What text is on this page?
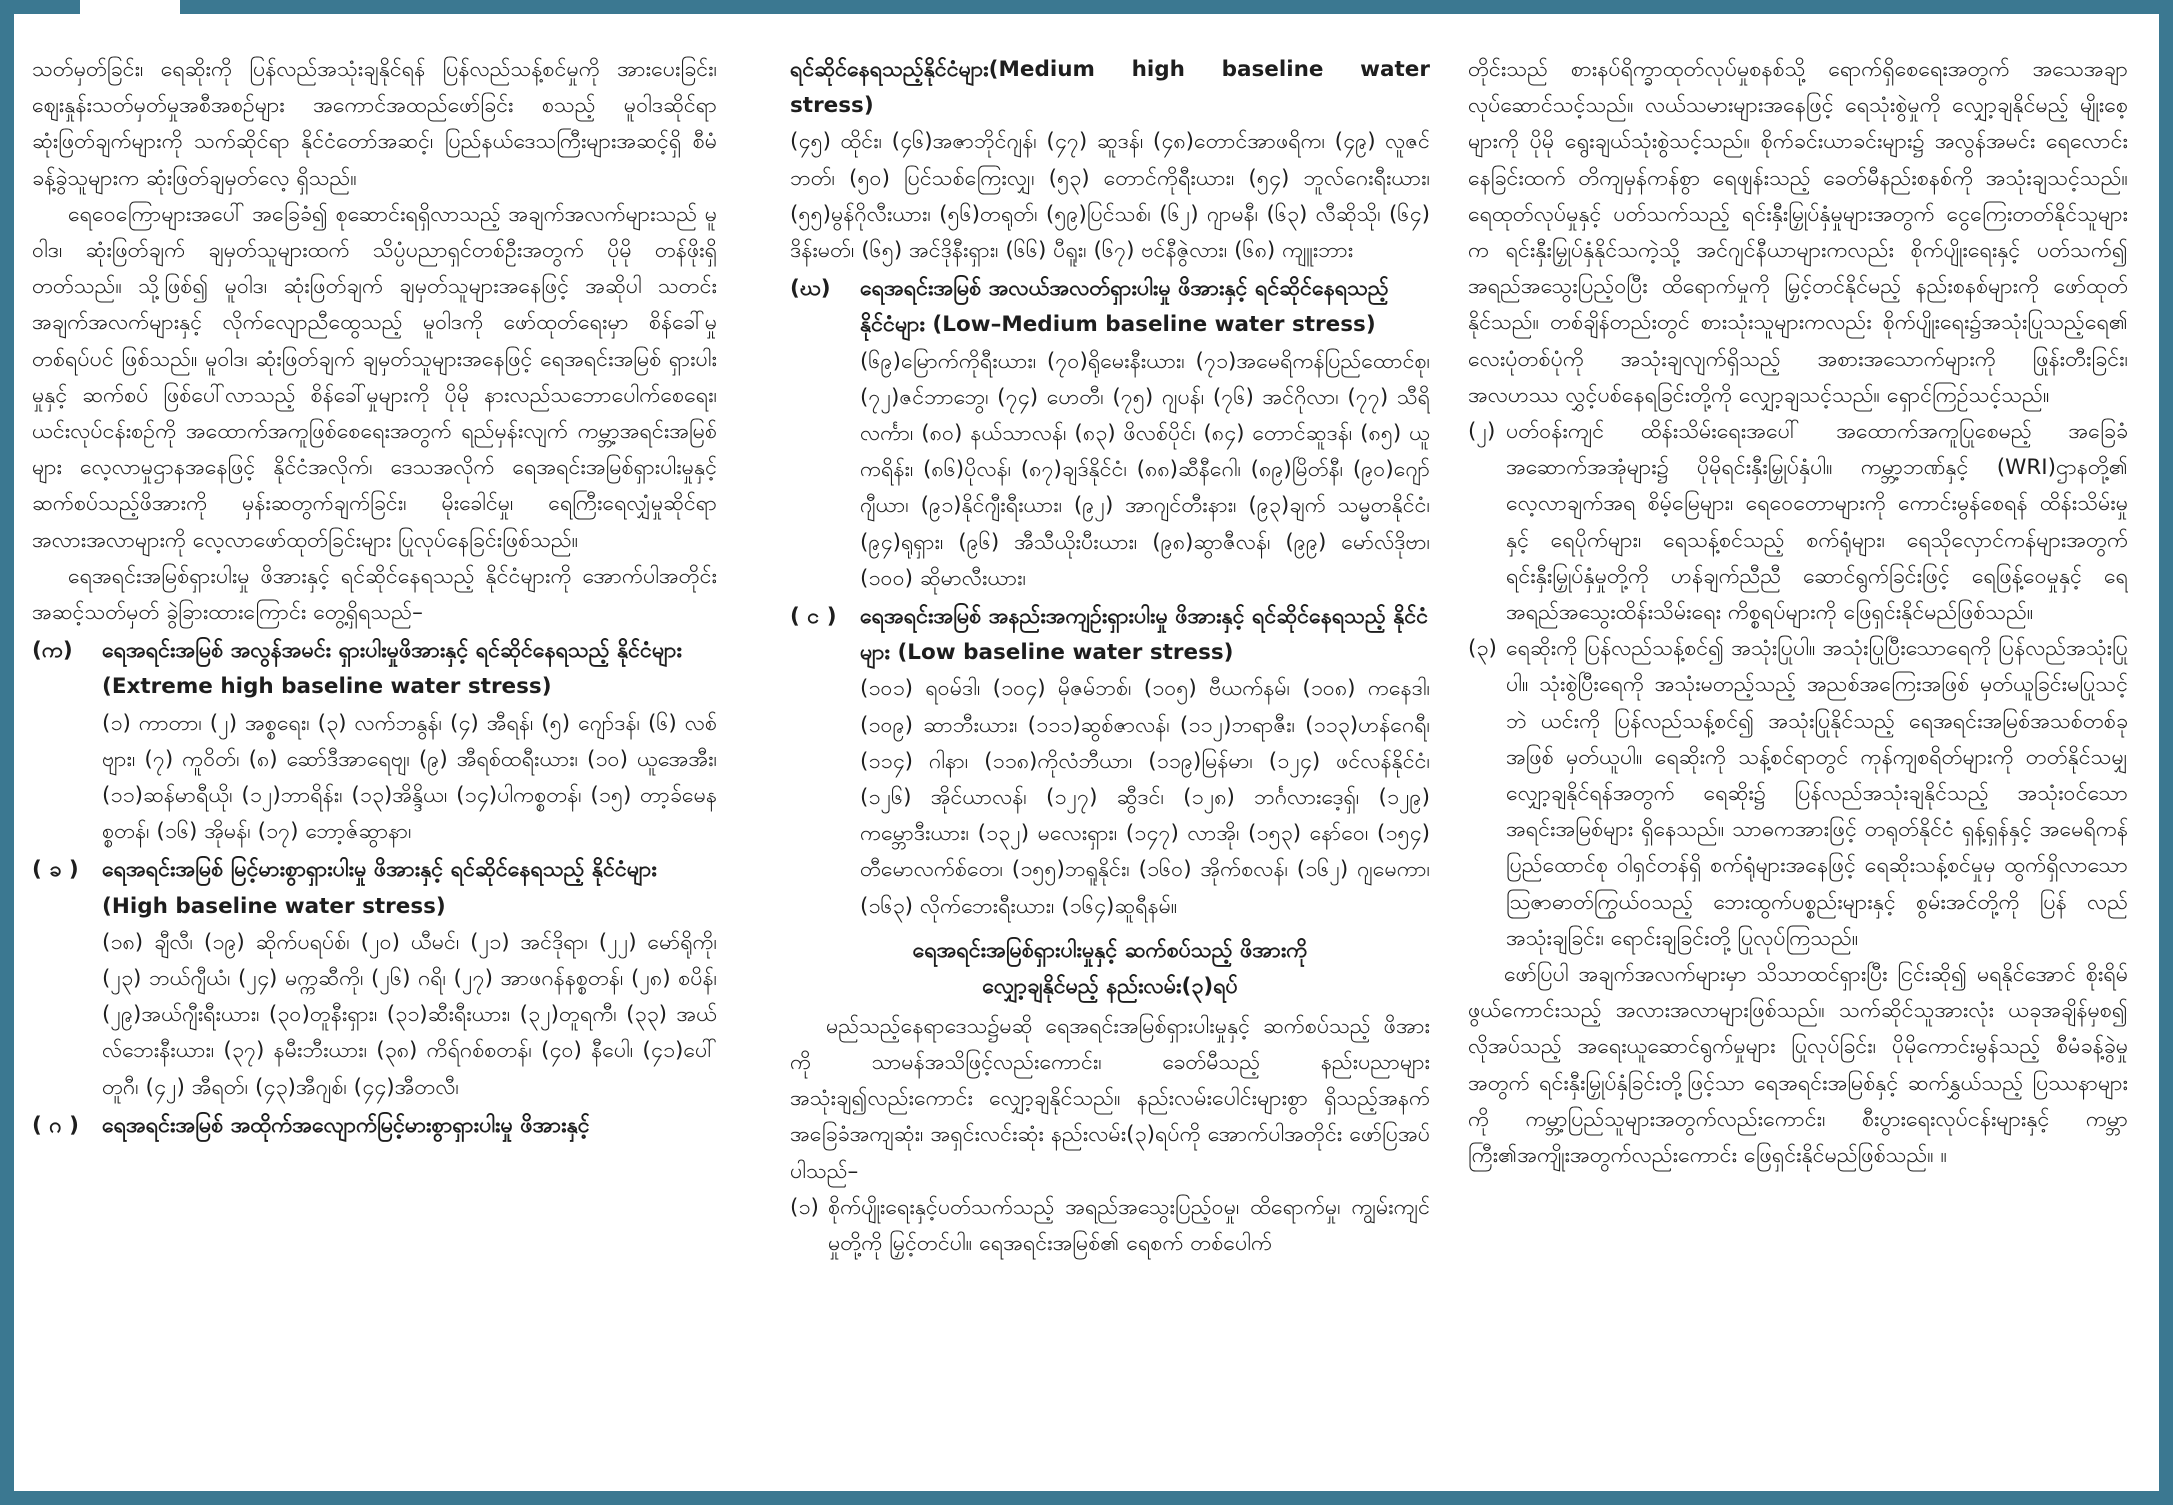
သတ်မှတ်ခြင်း၊ ရေဆိုးကို ပြန်လည်အသုံးချနိုင်ရန် ပြန်လည်သန့်စင်မှုကို အားပေးခြင်း၊ ဈေးနှုန်းသတ်မှတ်မှုအစီအစဉ်များ အကောင်အထည်ဖော်ခြင်း စသည့် မူဝါဒဆိုင်ရာဆုံးဖြတ်ချက်များကို သက်ဆိုင်ရာ နိုင်ငံတော်အဆင့်၊ ပြည်နယ်ဒေသကြီးများအဆင့်ရှိ စီမံခန့်ခွဲသူများက ဆုံးဖြတ်ချမှတ်လေ့ ရှိသည်။

ရေဝေကြောများအပေါ် အခြေခံ၍ စုဆောင်းရရှိလာသည့် အချက်အလက်များသည် မူဝါဒ၊ ဆုံးဖြတ်ချက် ချမှတ်သူများထက် သိပ္ပံပညာရှင်တစ်ဦးအတွက် ပိုမို တန်ဖိုးရှိတတ်သည်။ သို့ဖြစ်၍ မူဝါဒ၊ ဆုံးဖြတ်ချက် ချမှတ်သူများအနေဖြင့် အဆိုပါ သတင်းအချက်အလက်များနှင့် လိုက်လျောညီထွေသည့် မူဝါဒကို ဖော်ထုတ်ရေးမှာ စိန်ခေါ်မှုတစ်ရပ်ပင် ဖြစ်သည်။ မူဝါဒ၊ ဆုံးဖြတ်ချက် ချမှတ်သူများအနေဖြင့် ရေအရင်းအမြစ် ရှားပါးမှုနှင့် ဆက်စပ် ဖြစ်ပေါ်လာသည့် စိန်ခေါ်မှုများကို ပိုမို နားလည်သဘောပေါက်စေရေး၊ ယင်းလုပ်ငန်းစဉ်ကို အထောက်အကူဖြစ်စေရေးအတွက် ရည်မှန်းလျက် ကမ္ဘာ့အရင်းအမြစ်များ လေ့လာမှုဌာနအနေဖြင့် နိုင်ငံအလိုက်၊ ဒေသအလိုက် ရေအရင်းအမြစ်ရှားပါးမှုနှင့် ဆက်စပ်သည့်ဖိအားကို မှန်းဆတွက်ချက်ခြင်း၊ မိုးခေါင်မှု၊ ရေကြီးရေလျှံမှုဆိုင်ရာ အလားအလာများကို လေ့လာဖော်ထုတ်ခြင်းများ ပြုလုပ်နေခြင်းဖြစ်သည်။

ရေအရင်းအမြစ်ရှားပါးမှု ဖိအားနှင့် ရင်ဆိုင်နေရသည့် နိုင်ငံများကို အောက်ပါအတိုင်း အဆင့်သတ်မှတ် ခွဲခြားထားကြောင်း တွေ့ရှိရသည်–

(က)	ရေအရင်းအမြစ် အလွန်အမင်း ရှားပါးမှုဖိအားနှင့် ရင်ဆိုင်နေရသည့် နိုင်ငံများ (Extreme high baseline water stress)

(၁) ကာတာ၊ (၂) အစ္စရေး၊ (၃) လက်ဘနွန်၊ (၄) အီရန်၊ (၅) ဂျော်ဒန်၊ (၆) လစ်ဗျား၊ (၇) ကူဝိတ်၊ (၈) ဆော်ဒီအာရေဗျ၊ (၉) အီရစ်ထရီးယား၊ (၁၀) ယူအေအီး၊ (၁၁)ဆန်မာရီယို၊ (၁၂)ဘာရိန်း၊ (၁၃)အိန္ဒိယ၊ (၁၄)ပါကစ္စတန်၊ (၁၅) တာ့ခ်မေနစ္စတန်၊ (၁၆) အိုမန်၊ (၁၇) ဘော့ဇ်ဆွာနာ၊

( ခ )	ရေအရင်းအမြစ် မြင့်မားစွာရှားပါးမှု ဖိအားနှင့် ရင်ဆိုင်နေရသည့် နိုင်ငံများ (High baseline water stress)

(၁၈) ချီလီ၊ (၁၉) ဆိုက်ပရပ်စ်၊ (၂၀) ယီမင်၊ (၂၁) အင်ဒိုရာ၊ (၂၂) မော်ရိုကို၊ (၂၃) ဘယ်ဂျီယံ၊ (၂၄) မက္ကဆီကို၊ (၂၆) ဂရိ၊ (၂၇) အာဖဂန်နစ္စတန်၊ (၂၈) စပိန်၊ (၂၉)အယ်ဂျီးရီးယား၊ (၃၀)တူနီးရှား၊ (၃၁)ဆီးရီးယား၊ (၃၂)တူရကီ၊ (၃၃) အယ်လ်ဘေးနီးယား၊ (၃၇) နမီးဘီးယား၊ (၃၈) ကိရ်ဂစ်စတန်၊ (၄၀) နီပေါ၊ (၄၁)ပေါ်တူဂီ၊ (၄၂) အီရတ်၊ (၄၃)အီဂျစ်၊ (၄၄)အီတလီ၊

( ဂ )	ရေအရင်းအမြစ် အထိုက်အလျောက်မြင့်မားစွာရှားပါးမှု ဖိအားနှင့်

ရင်ဆိုင်နေရသည့်နိုင်ငံများ(Medium high baseline water stress)

(၄၅) ထိုင်း၊ (၄၆)အဇာဘိုင်ဂျန်၊ (၄၇) ဆူဒန်၊ (၄၈)တောင်အာဖရိက၊ (၄၉) လူဇင်ဘတ်၊ (၅၀) ပြင်သစ်ကြေးလျှ၊ (၅၃) တောင်ကိုရီးယား၊ (၅၄) ဘူလ်ဂေးရီးယား၊ (၅၅)မွန်ဂိုလီးယား၊ (၅၆)တရုတ်၊ (၅၉)ပြင်သစ်၊ (၆၂) ဂျာမနီ၊ (၆၃) လီဆိုသို၊ (၆၄) ဒိန်းမတ်၊ (၆၅) အင်ဒိုနီးရှား၊ (၆၆) ပီရူး၊ (၆၇) ဗင်နီဇွဲလား၊ (၆၈) ကျူးဘား

(ဃ)	ရေအရင်းအမြစ် အလယ်အလတ်ရှားပါးမှု ဖိအားနှင့် ရင်ဆိုင်နေရသည့် နိုင်ငံများ (Low–Medium baseline water stress)

(၆၉)မြောက်ကိုရီးယား၊ (၇၀)ရိုမေးနီးယား၊ (၇၁)အမေရိကန်ပြည်ထောင်စု၊ (၇၂)ဇင်ဘာဘွေ၊ (၇၄) ဟေတီ၊ (၇၅) ဂျပန်၊ (၇၆) အင်ဂိုလာ၊ (၇၇) သီရိလင်္ကာ၊ (၈၀) နယ်သာလန်၊ (၈၃) ဖိလစ်ပိုင်၊ (၈၄) တောင်ဆူဒန်၊ (၈၅) ယူကရိန်း၊ (၈၆)ပိုလန်၊ (၈၇)ချဒ်နိုင်ငံ၊ (၈၈)ဆီနီဂေါ၊ (၈၉)မြိတ်နီ၊ (၉၀)ဂျော်ဂျီယာ၊ (၉၁)နိုင်ဂျီးရီးယား၊ (၉၂) အာဂျင်တီးနား၊ (၉၃)ချက် သမ္မတနိုင်ငံ၊ (၉၄)ရုရှား၊ (၉၆) အီသီယိုးပီးယား၊ (၉၈)ဆွာဇီလန်၊ (၉၉) မော်လ်ဒိုဗာ၊ (၁၀၀) ဆိုမာလီးယား၊

( င )	ရေအရင်းအမြစ် အနည်းအကျဉ်းရှားပါးမှု ဖိအားနှင့် ရင်ဆိုင်နေရသည့် နိုင်ငံများ (Low baseline water stress)

(၁၀၁) ရဝမ်ဒါ၊ (၁၀၄) မိုဇမ်ဘစ်၊ (၁၀၅) ဗီယက်နမ်၊ (၁၀၈) ကနေဒါ၊ (၁၀၉) ဆာဘီးယား၊ (၁၁၁)ဆွစ်ဇာလန်၊ (၁၁၂)ဘရာဇီး၊ (၁၁၃)ဟန်ဂေရီ၊ (၁၁၄) ဂါနာ၊ (၁၁၈)ကိုလံဘီယာ၊ (၁၁၉)မြန်မာ၊ (၁၂၄) ဖင်လန်နိုင်ငံ၊ (၁၂၆) အိုင်ယာလန်၊ (၁၂၇) ဆွီဒင်၊ (၁၂၈) ဘင်္ဂလားဒေ့ရှ်၊ (၁၂၉) ကမ္ဘောဒီးယား၊ (၁၃၂) မလေးရှား၊ (၁၄၇) လာအို၊ (၁၅၃) နော်ဝေ၊ (၁၅၄) တီမောလက်စ်တေ၊ (၁၅၅)ဘရူနိုင်း၊ (၁၆၀) အိုက်စလန်၊ (၁၆၂) ဂျမေကာ၊ (၁၆၃) လိုက်ဘေးရီးယား၊ (၁၆၄)ဆူရီနမ်။

ရေအရင်းအမြစ်ရှားပါးမှုနှင့် ဆက်စပ်သည့် ဖိအားကို
လျှော့ချနိုင်မည့် နည်းလမ်း(၃)ရပ်

မည်သည့်နေရာဒေသ၌မဆို ရေအရင်းအမြစ်ရှားပါးမှုနှင့် ဆက်စပ်သည့် ဖိအားကို သာမန်အသိဖြင့်လည်းကောင်း၊ ခေတ်မီသည့် နည်းပညာများ အသုံးချ၍လည်းကောင်း လျှော့ချနိုင်သည်။ နည်းလမ်းပေါင်းများစွာ ရှိသည့်အနက် အခြေခံအကျဆုံး၊ အရှင်းလင်းဆုံး နည်းလမ်း(၃)ရပ်ကို အောက်ပါအတိုင်း ဖော်ပြအပ်ပါသည်–

(၁) စိုက်ပျိုးရေးနှင့်ပတ်သက်သည့် အရည်အသွေးပြည့်ဝမှု၊ ထိရောက်မှု၊ ကျွမ်းကျင်မှုတို့ကို မြှင့်တင်ပါ။ ရေအရင်းအမြစ်၏ ရေစက် တစ်ပေါက်

တိုင်းသည် စားနပ်ရိက္ခာထုတ်လုပ်မှုစနစ်သို့ ရောက်ရှိစေရေးအတွက် အသေအချာလုပ်ဆောင်သင့်သည်။ လယ်သမားများအနေဖြင့် ရေသုံးစွဲမှုကို လျှော့ချနိုင်မည့် မျိုးစေ့များကို ပိုမို ရွေးချယ်သုံးစွဲသင့်သည်။ စိုက်ခင်းယာခင်းများ၌ အလွန်အမင်း ရေလောင်းနေခြင်းထက် တိကျမှန်ကန်စွာ ရေဖျန်းသည့် ခေတ်မီနည်းစနစ်ကို အသုံးချသင့်သည်။ ရေထုတ်လုပ်မှုနှင့် ပတ်သက်သည့် ရင်းနှီးမြှုပ်နှံမှုများအတွက် ငွေကြေးတတ်နိုင်သူများက ရင်းနှီးမြှုပ်နှံနိုင်သကဲ့သို့ အင်ဂျင်နီယာများကလည်း စိုက်ပျိုးရေးနှင့် ပတ်သက်၍ အရည်အသွေးပြည့်ဝပြီး ထိရောက်မှုကို မြှင့်တင်နိုင်မည့် နည်းစနစ်များကို ဖော်ထုတ်နိုင်သည်။ တစ်ချိန်တည်းတွင် စားသုံးသူများကလည်း စိုက်ပျိုးရေး၌အသုံးပြုသည့်ရေ၏ လေးပုံတစ်ပုံကို အသုံးချလျက်ရှိသည့် အစားအသောက်များကို ဖြုန်းတီးခြင်း၊ အလဟဿ လွှင့်ပစ်နေရခြင်းတို့ကို လျှော့ချသင့်သည်။ ရှောင်ကြဉ်သင့်သည်။

(၂) ပတ်ဝန်းကျင် ထိန်းသိမ်းရေးအပေါ် အထောက်အကူပြုစေမည့် အခြေခံ အဆောက်အအုံများ၌ ပိုမိုရင်းနှီးမြှုပ်နှံပါ။ ကမ္ဘာ့ဘဏ်နှင့် (WRI)ဌာနတို့၏ လေ့လာချက်အရ စိမ့်မြေများ၊ ရေဝေတောများကို ကောင်းမွန်စေရန် ထိန်းသိမ်းမှုနှင့် ရေပိုက်များ၊ ရေသန့်စင်သည့် စက်ရုံများ၊ ရေသိုလှောင်ကန်များအတွက် ရင်းနှီးမြှုပ်နှံမှုတို့ကို ဟန်ချက်ညီညီ ဆောင်ရွက်ခြင်းဖြင့် ရေဖြန့်ဝေမှုနှင့် ရေအရည်အသွေးထိန်းသိမ်းရေး ကိစ္စရပ်များကို ဖြေရှင်းနိုင်မည်ဖြစ်သည်။

(၃) ရေဆိုးကို ပြန်လည်သန့်စင်၍ အသုံးပြုပါ။ အသုံးပြုပြီးသောရေကို ပြန်လည်အသုံးပြုပါ။ သုံးစွဲပြီးရေကို အသုံးမတည့်သည့် အညစ်အကြေးအဖြစ် မှတ်ယူခြင်းမပြုသင့်ဘဲ ယင်းကို ပြန်လည်သန့်စင်၍ အသုံးပြုနိုင်သည့် ရေအရင်းအမြစ်အသစ်တစ်ခုအဖြစ် မှတ်ယူပါ။ ရေဆိုးကို သန့်စင်ရာတွင် ကုန်ကျစရိတ်များကို တတ်နိုင်သမျှ လျှော့ချနိုင်ရန်အတွက် ရေဆိုး၌ ပြန်လည်အသုံးချနိုင်သည့် အသုံးဝင်သော အရင်းအမြစ်များ ရှိနေသည်။ သာဓကအားဖြင့် တရုတ်နိုင်ငံ ရှန့်ရှန်နှင့် အမေရိကန် ပြည်ထောင်စု ဝါရှင်တန်ရှိ စက်ရုံများအနေဖြင့် ရေဆိုးသန့်စင်မှုမှ ထွက်ရှိလာသော ဩဇာဓာတ်ကြွယ်ဝသည့် ဘေးထွက်ပစ္စည်းများနှင့် စွမ်းအင်တို့ကို ပြန် လည်အသုံးချခြင်း၊ ရောင်းချခြင်းတို့ ပြုလုပ်ကြသည်။

ဖော်ပြပါ အချက်အလက်များမှာ သိသာထင်ရှားပြီး ငြင်းဆို၍ မရနိုင်အောင် စိုးရိမ်ဖွယ်ကောင်းသည့် အလားအလာများဖြစ်သည်။ သက်ဆိုင်သူအားလုံး ယခုအချိန်မှစ၍ လိုအပ်သည့် အရေးယူဆောင်ရွက်မှုများ ပြုလုပ်ခြင်း၊ ပိုမိုကောင်းမွန်သည့် စီမံခန့်ခွဲမှုအတွက် ရင်းနှီးမြှုပ်နှံခြင်းတို့ဖြင့်သာ ရေအရင်းအမြစ်နှင့် ဆက်နွှယ်သည့် ပြဿနာများကို ကမ္ဘာ့ပြည်သူများအတွက်လည်းကောင်း၊ စီးပွားရေးလုပ်ငန်းများနှင့် ကမ္ဘာကြီး၏အကျိုးအတွက်လည်းကောင်း ဖြေရှင်းနိုင်မည်ဖြစ်သည်။ ။
